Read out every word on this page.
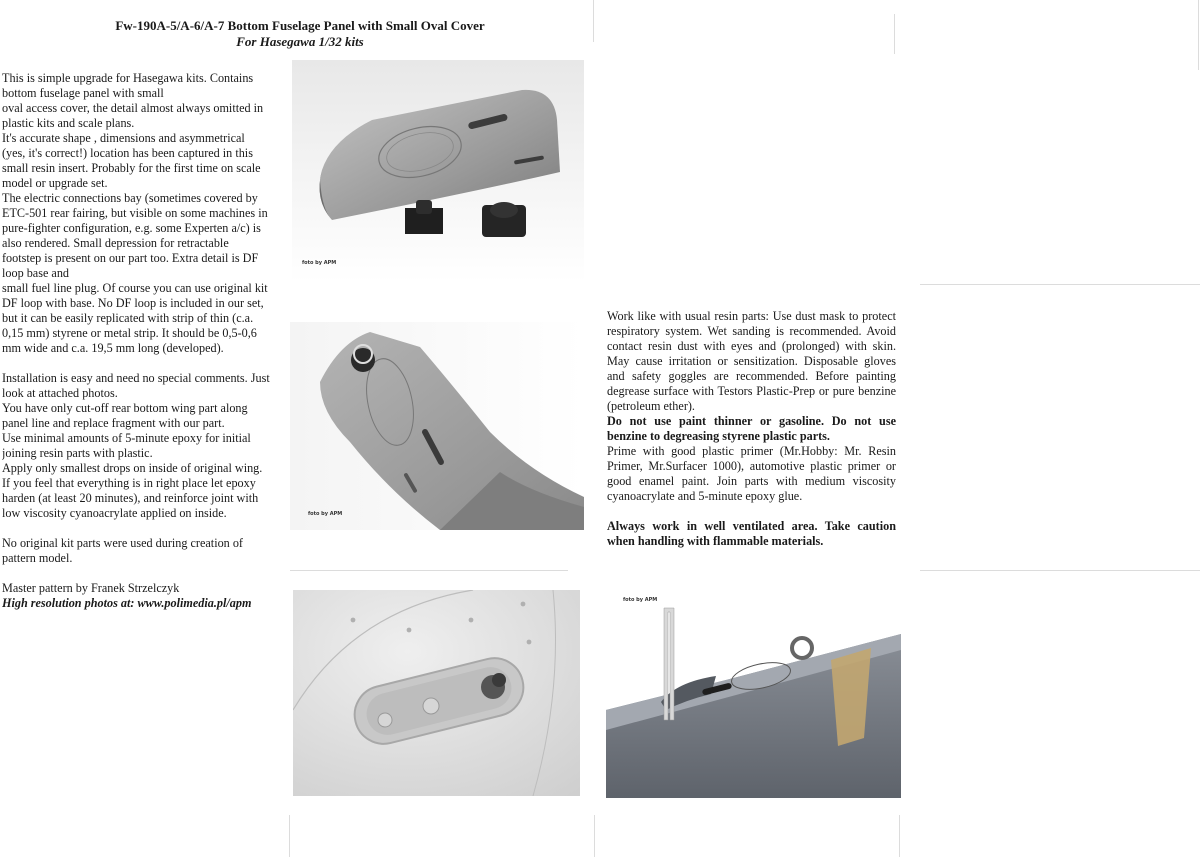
Fw-190A-5/A-6/A-7 Bottom Fuselage Panel with Small Oval Cover
For Hasegawa 1/32 kits

This is simple upgrade for Hasegawa kits. Contains

bottom fuselage panel with small

oval access cover, the detail almost always omitted in

plastic kits and scale plans.

It's accurate shape , dimensions and asymmetrical

(yes, it's correct!) location has been captured in this

small resin insert. Probably for the first time on scale

model or upgrade set.

The electric connections bay (sometimes covered by

ETC-501 rear fairing, but visible on some machines in

pure-fighter configuration, e.g. some Experten a/c) is

also rendered. Small depression for retractable

footstep is present on our part too. Extra detail is DF

loop base and

small fuel line plug. Of course you can use original kit

DF loop with base. No DF loop is included in our set,

but it can be easily replicated with strip of thin (c.a.

0,15 mm) styrene or metal strip. It should be 0,5-0,6

mm wide and c.a. 19,5 mm long (developed).

Installation is easy and need no special comments. Just

look at attached photos.

You have only cut-off rear bottom wing part along

panel line and replace fragment with our part.

Use minimal amounts of 5-minute epoxy for initial

joining resin parts with plastic.

Apply only smallest drops on inside of original wing.

If you feel that everything is in right place let epoxy

harden (at least 20 minutes), and reinforce joint with

low viscosity cyanoacrylate applied on inside.

No original kit parts were used during creation of

pattern model.

Master pattern by Franek Strzelczyk

High resolution photos at: www.polimedia.pl/apm

Work like with usual resin parts: Use dust mask to protect respiratory system. Wet sanding is recommended. Avoid contact resin dust with eyes and (prolonged) with skin. May cause irritation or sensitization. Disposable gloves and safety goggles are recommended. Before painting degrease surface with Testors Plastic-Prep or pure benzine (petroleum ether).

Do not use paint thinner or gasoline. Do not use benzine to degreasing styrene plastic parts.

Prime with good plastic primer (Mr.Hobby: Mr. Resin Primer, Mr.Surfacer 1000), automotive plastic primer or good enamel paint. Join parts with medium viscosity cyanoacrylate and 5-minute epoxy glue.

Always work in well ventilated area. Take caution when handling with flammable materials.

foto by APM
foto by APM
foto by APM
